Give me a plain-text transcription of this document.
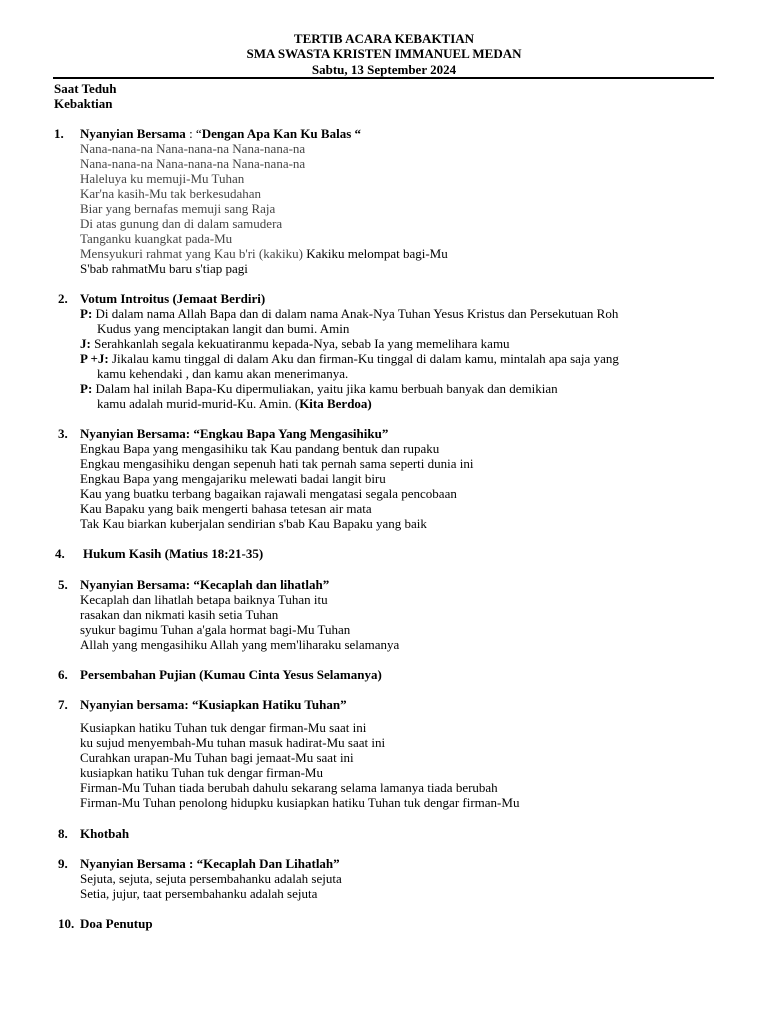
TERTIB ACARA KEBAKTIAN
SMA SWASTA KRISTEN IMMANUEL MEDAN
Sabtu, 13 September 2024
Saat Teduh
Kebaktian
1. Nyanyian Bersama : “Dengan Apa Kan Ku Balas “
Nana-nana-na Nana-nana-na Nana-nana-na
Nana-nana-na Nana-nana-na Nana-nana-na
Haleluya ku memuji-Mu Tuhan
Kar'na kasih-Mu tak berkesudahan
Biar yang bernafas memuji sang Raja
Di atas gunung dan di dalam samudera
Tanganku kuangkat pada-Mu
Mensyukuri rahmat yang Kau b'ri (kakiku) Kakiku melompat bagi-Mu
S'bab rahmatMu baru s'tiap pagi
2. Votum Introitus (Jemaat Berdiri)
P: Di dalam nama Allah Bapa dan di dalam nama Anak-Nya Tuhan Yesus Kristus dan Persekutuan Roh
Kudus yang menciptakan langit dan bumi. Amin
J: Serahkanlah segala kekuatiranmu kepada-Nya, sebab Ia yang memelihara kamu
P +J: Jikalau kamu tinggal di dalam Aku dan firman-Ku tinggal di dalam kamu, mintalah apa saja yang
kamu kehendaki , dan kamu akan menerimanya.
P: Dalam hal inilah Bapa-Ku dipermuliakan, yaitu jika kamu berbuah banyak dan demikian
kamu adalah murid-murid-Ku. Amin. (Kita Berdoa)
3. Nyanyian Bersama: “Engkau Bapa Yang Mengasihiku”
Engkau Bapa yang mengasihiku tak Kau pandang bentuk dan rupaku
Engkau mengasihiku dengan sepenuh hati tak pernah sama seperti dunia ini
Engkau Bapa yang mengajariku melewati badai langit biru
Kau yang buatku terbang bagaikan rajawali mengatasi segala pencobaan
Kau Bapaku yang baik mengerti bahasa tetesan air mata
Tak Kau biarkan kuberjalan sendirian s'bab Kau Bapaku yang baik
4. Hukum Kasih (Matius 18:21-35)
5. Nyanyian Bersama: “Kecaplah dan lihatlah”
Kecaplah dan lihatlah betapa baiknya Tuhan itu
rasakan dan nikmati kasih setia Tuhan
syukur bagimu Tuhan a'gala hormat bagi-Mu Tuhan
Allah yang mengasihiku Allah yang mem'liharaku selamanya
6. Persembahan Pujian (Kumau Cinta Yesus Selamanya)
7. Nyanyian bersama: “Kusiapkan Hatiku Tuhan”
Kusiapkan hatiku Tuhan tuk dengar firman-Mu saat ini
ku sujud menyembah-Mu tuhan masuk hadirat-Mu saat ini
Curahkan urapan-Mu Tuhan bagi jemaat-Mu saat ini
kusiapkan hatiku Tuhan tuk dengar firman-Mu
Firman-Mu Tuhan tiada berubah dahulu sekarang selama lamanya tiada berubah
Firman-Mu Tuhan penolong hidupku kusiapkan hatiku Tuhan tuk dengar firman-Mu
8. Khotbah
9. Nyanyian Bersama : “Kecaplah Dan Lihatlah”
Sejuta, sejuta, sejuta persembahanku adalah sejuta
Setia, jujur, taat persembahanku adalah sejuta
10. Doa Penutup
